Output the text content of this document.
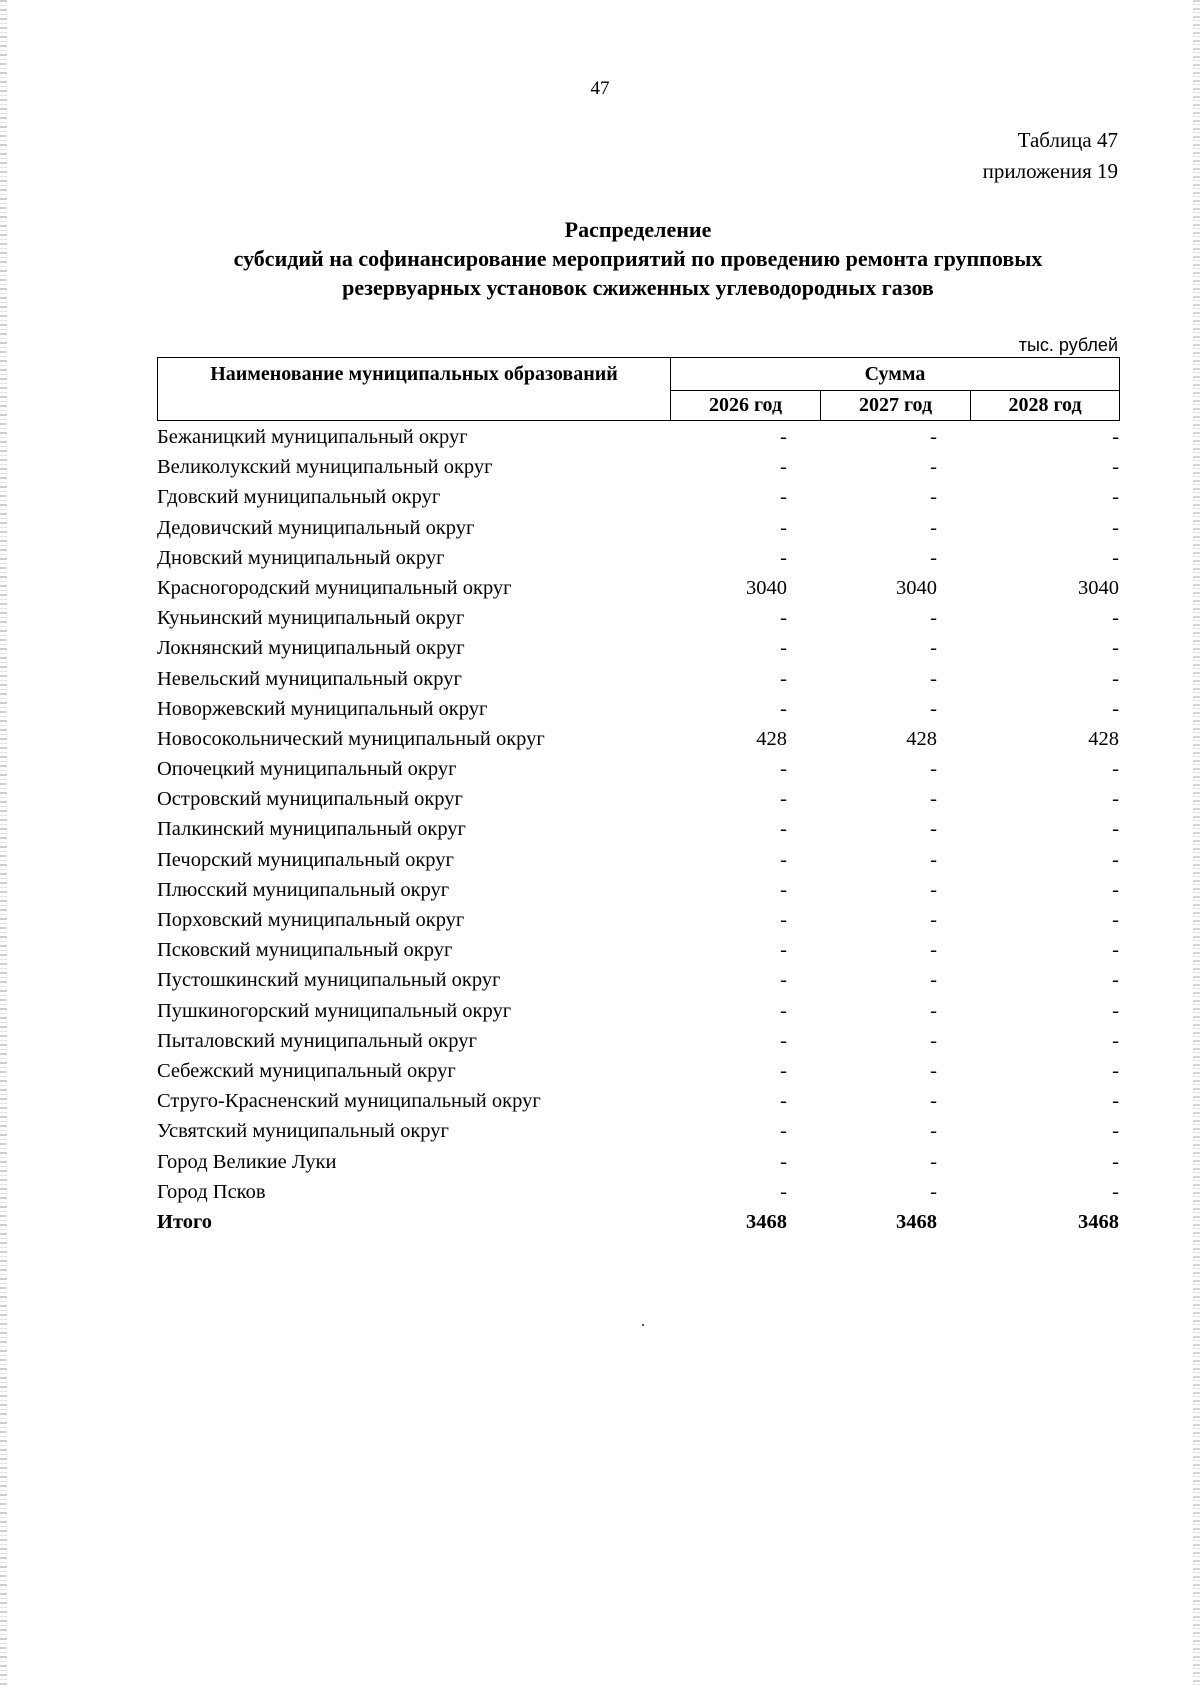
47
Таблица 47
приложения 19
Распределение
субсидий на софинансирование мероприятий по проведению ремонта групповых
резервуарных установок сжиженных углеводородных газов
тыс. рублей
Наименование муниципальных образований	Сумма		
	2026 год	2027 год	2028 год
Бежаницкий муниципальный округ	-	-	-
Великолукский муниципальный округ	-	-	-
Гдовский муниципальный округ	-	-	-
Дедовичский муниципальный округ	-	-	-
Дновский муниципальный округ	-	-	-
Красногородский муниципальный округ	3040	3040	3040
Куньинский муниципальный округ	-	-	-
Локнянский муниципальный округ	-	-	-
Невельский муниципальный округ	-	-	-
Новоржевский муниципальный округ	-	-	-
Новосокольнический муниципальный округ	428	428	428
Опочецкий муниципальный округ	-	-	-
Островский муниципальный округ	-	-	-
Палкинский муниципальный округ	-	-	-
Печорский муниципальный округ	-	-	-
Плюсский муниципальный округ	-	-	-
Порховский муниципальный округ	-	-	-
Псковский муниципальный округ	-	-	-
Пустошкинский муниципальный округ	-	-	-
Пушкиногорский муниципальный округ	-	-	-
Пыталовский муниципальный округ	-	-	-
Себежский муниципальный округ	-	-	-
Струго-Красненский муниципальный округ	-	-	-
Усвятский муниципальный округ	-	-	-
Город Великие Луки	-	-	-
Город Псков	-	-	-
Итого	3468	3468	3468
